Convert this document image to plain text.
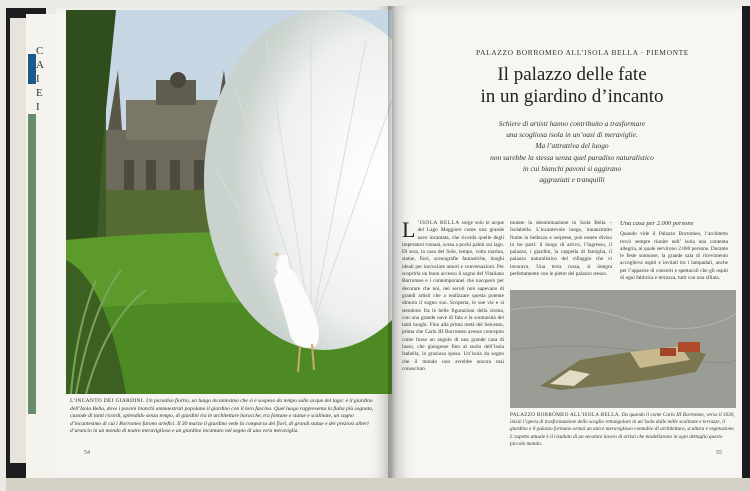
C
A
I
E
I
L’INCANTO DEI GIARDINI. Un paradiso fiorito, un lungo incantesimo che si è sospeso da tempo sulle acque del lago: è il giardino dell’Isola Bella, dove i pavoni bianchi ammaestrati popolano il giardino con il loro fascino. Quel luogo rappresenta la fiaba più sognata, custode di tanti ricordi, splendido senza tempo, di giardini tra le architetture barocche, tra fontane e statue e scalinate, un sogno d’incantesimo di cui i Borromeo furono artefici. Il 30 marzo il giardino vede la comparsa dei fiori, di grandi statue e dei preziosi alberi d’arancio in un mondo di teatro meraviglioso e un giardino incantato nel segno di una vera meraviglia.
54
PALAZZO BORROMEO ALL’ISOLA BELLA · PIEMONTE
Il palazzo delle fate
in un giardino d’incanto
Schiere di artisti hanno contribuito a trasformare
una scogliosa isola in un’oasi di meraviglie.
Ma l’attrattiva del luogo
non sarebbe la stessa senza quel paradiso naturalistico
in cui bianchi pavoni si aggirano
aggraziati e tranquilli
L ’ISOLA BELLA sorge solo le acque del Lago Maggiore come una grande nave incantata, che ricorda quelle degli imperatori romani, scesa a pochi palmi sul lago. Di sera, la casa del Sole, tempo, volta marina, statue, fiori, scenografie fantastiche, luoghi ideali per incrociare amori e conversazioni. Per scoprirla un buon accesso il sogno del Vitaliano Borromeo e i contemporanei che nacquero per decorare che noi, nei secoli non sapevano di grandi artisti che a realizzare questa potente dimora il sogno suo. Scoperta, le sue vie e si stendono fra le belle figurazioni della sirena, con una grande nave di fata e la sontuosità dei tanti luoghi. Fino alla prima metà del Seicento, prima che Carlo III Borromeo avesse concepito come fosse un angolo di una grande casa di lusso, che giungesse fino al suolo dell’isola Isabella, la graziosa sposa. Un’isola da sogno che il mondo non avrebbe ancora mai conosciuto.
mutate la denominazione in Isola Bella – Isolabella. L’incantevole luogo, innanzitutto fiume in bellezza e sorprese, può essere diviso in tre parti: il luogo di arrivo, l’ingresso, il palazzo, i giardini, la cappella di famiglia, il palazzo naturalistico del villaggio che vi lavorava. Una terra rossa, si integra perfettamente con le pietre del palazzo stesso.
Una casa per 2.000 persone
Quando vide il Palazzo Borromeo, l’architetto trovò sempre riunite nell’ isola una contenta allegria, al quale servirono 2.000 persone. Durante le feste sontuose, la grande sala di ricevimento accoglieva ospiti e invitati tra i lampadari, anche per l’apparire di concerti e spettacoli che gli ospiti di ogni fabbrica e terrazza, tutti con una sfilata.
PALAZZO BORROMEO ALL’ISOLA BELLA. Da quando il conte Carlo III Borromeo, verso il 1630, iniziò l’opera di trasformazione dello scoglio rettangolare in un’isola dalle mille scalinate e terrazze, il giardino e il palazzo formano ormai un unico meraviglioso connubio di architettura, scultura e vegetazione. L’aspetto attuale è il risultato di un secolare lavoro di artisti che modellarono in ogni dettaglio questo piccolo mondo.
55
